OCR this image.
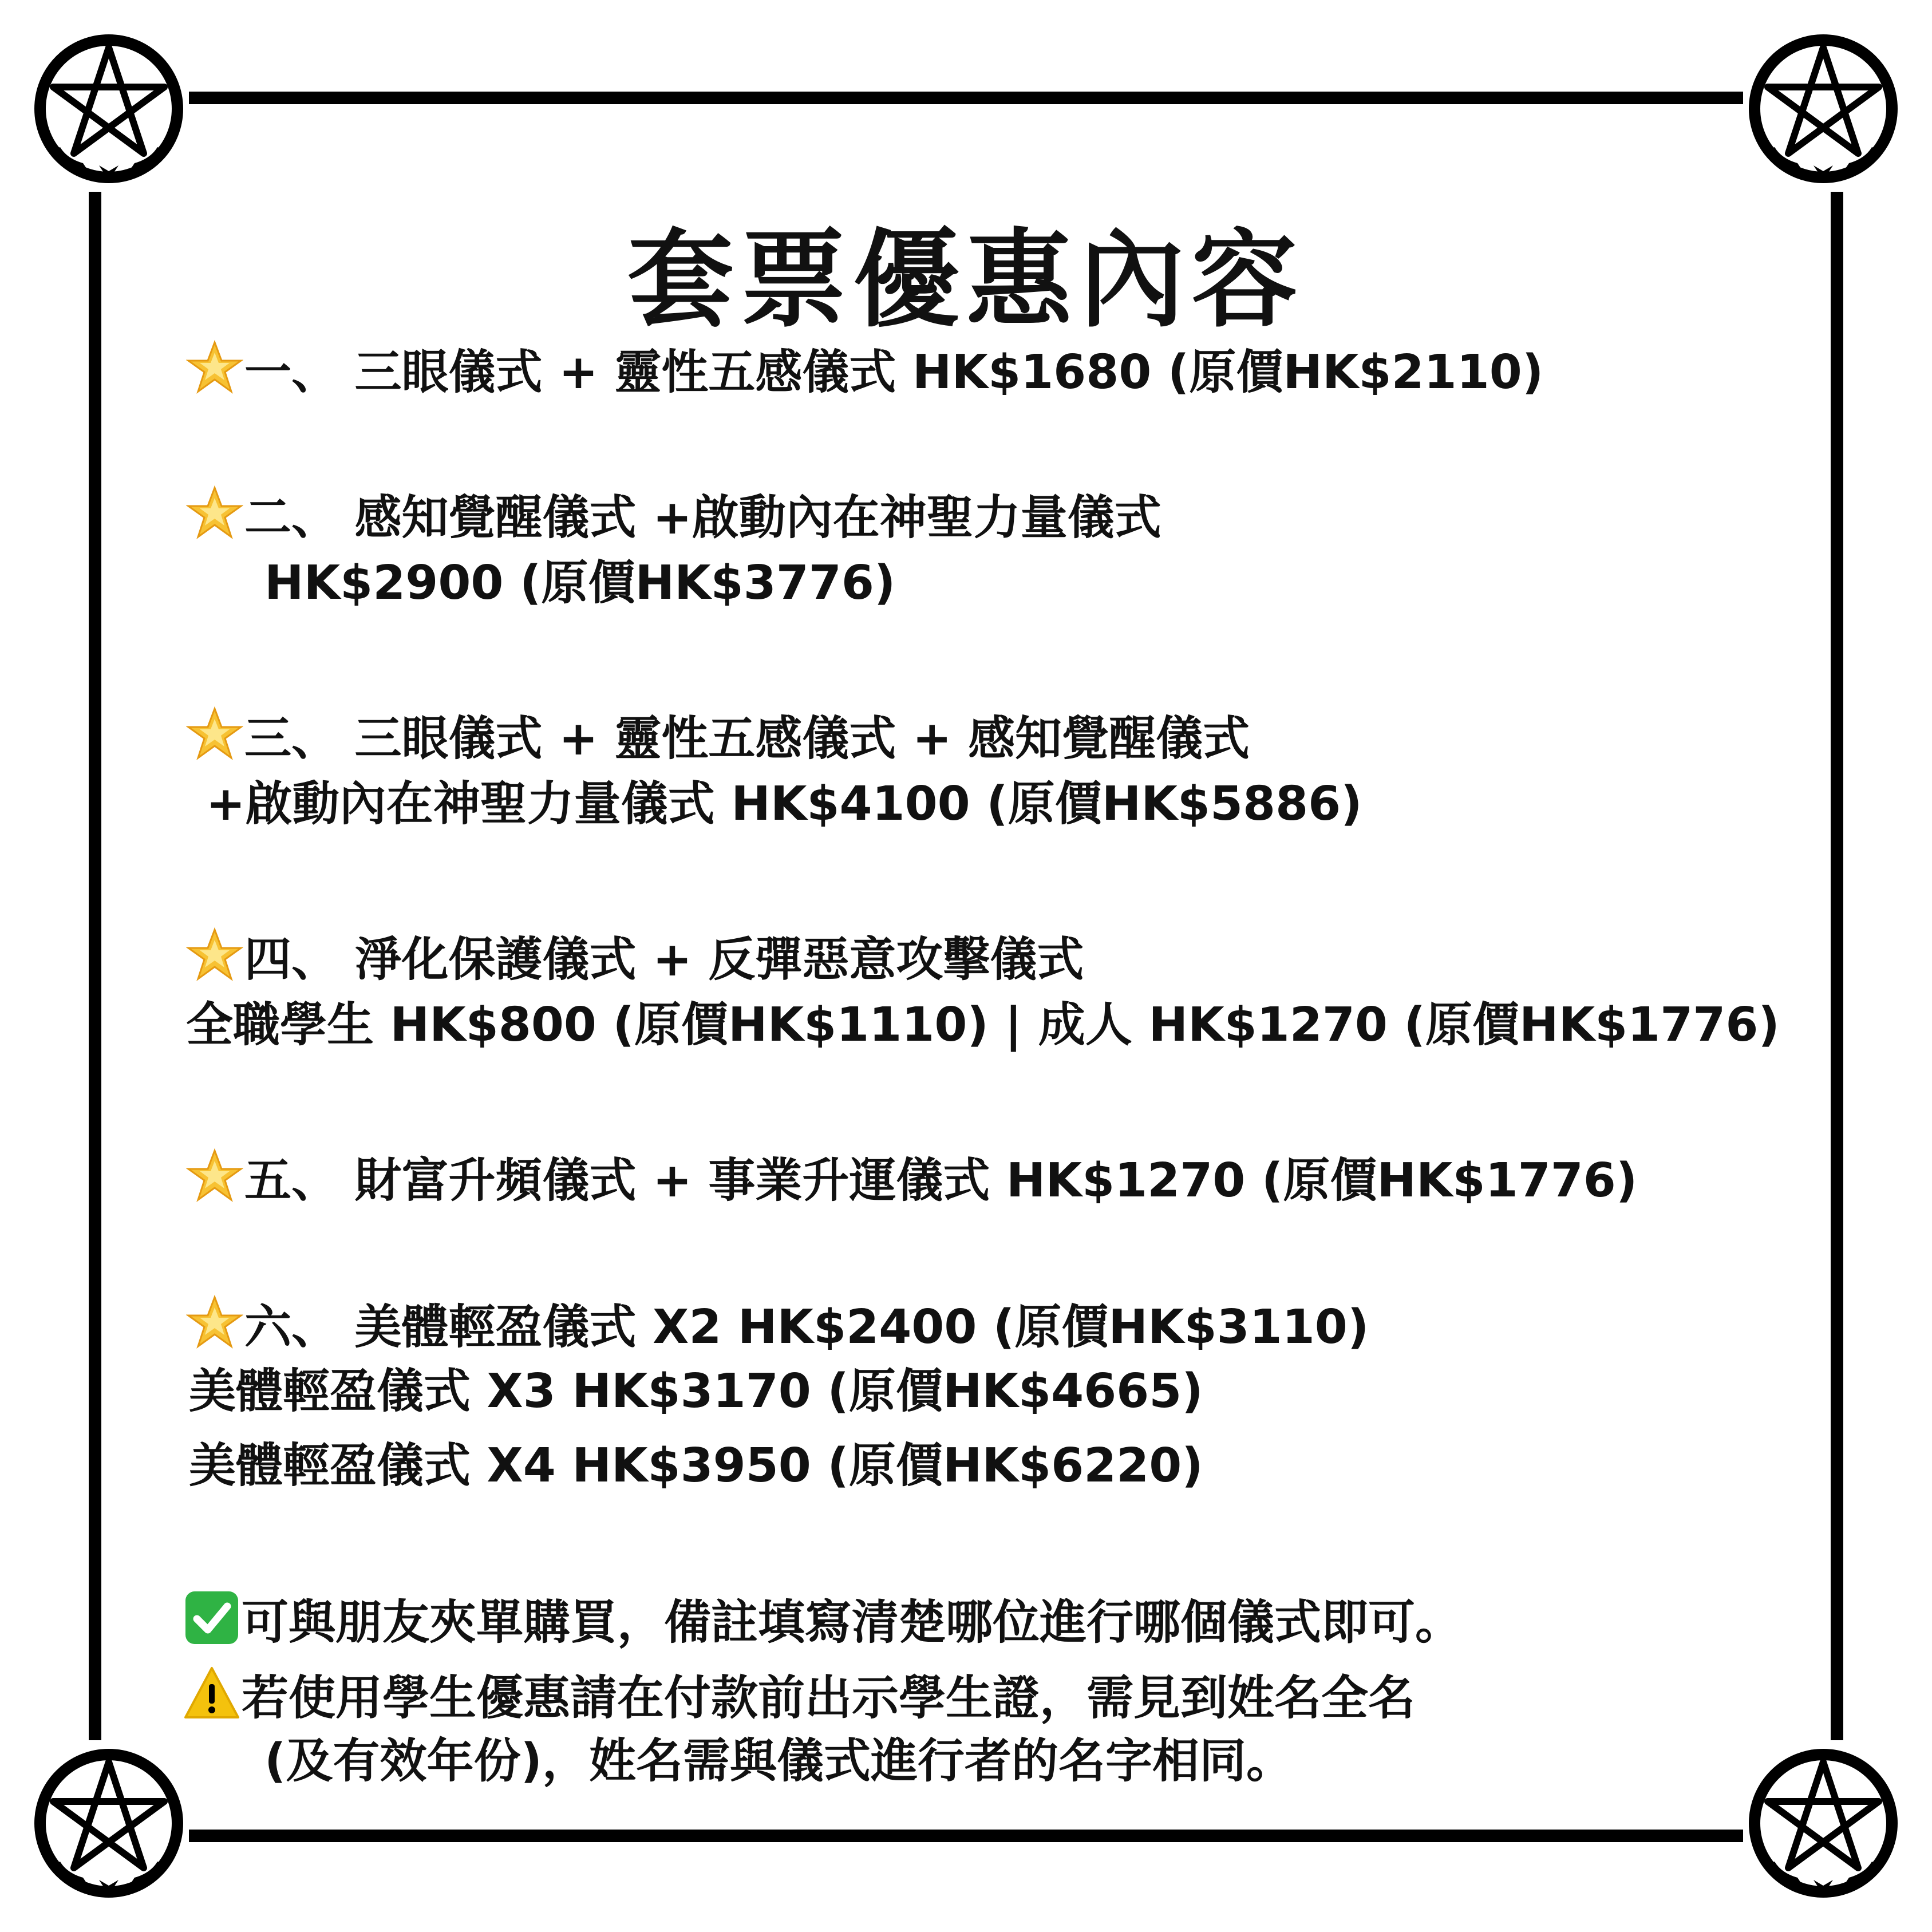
套票優惠內容
一、 三眼儀式 + 靈性五感儀式 HK$1680 (原價HK$2110)
二、 感知覺醒儀式 +啟動內在神聖力量儀式
HK$2900 (原價HK$3776)
三、 三眼儀式 + 靈性五感儀式 + 感知覺醒儀式
+啟動內在神聖力量儀式 HK$4100 (原價HK$5886)
四、 淨化保護儀式 + 反彈惡意攻擊儀式
全職學生 HK$800 (原價HK$1110) | 成人 HK$1270 (原價HK$1776)
五、 財富升頻儀式 + 事業升運儀式 HK$1270 (原價HK$1776)
六、 美體輕盈儀式 X2 HK$2400 (原價HK$3110)
美體輕盈儀式 X3 HK$3170 (原價HK$4665)
美體輕盈儀式 X4 HK$3950 (原價HK$6220)
可與朋友夾單購買，備註填寫清楚哪位進行哪個儀式即可。
若使用學生優惠請在付款前出示學生證，需見到姓名全名
(及有效年份)，姓名需與儀式進行者的名字相同。
